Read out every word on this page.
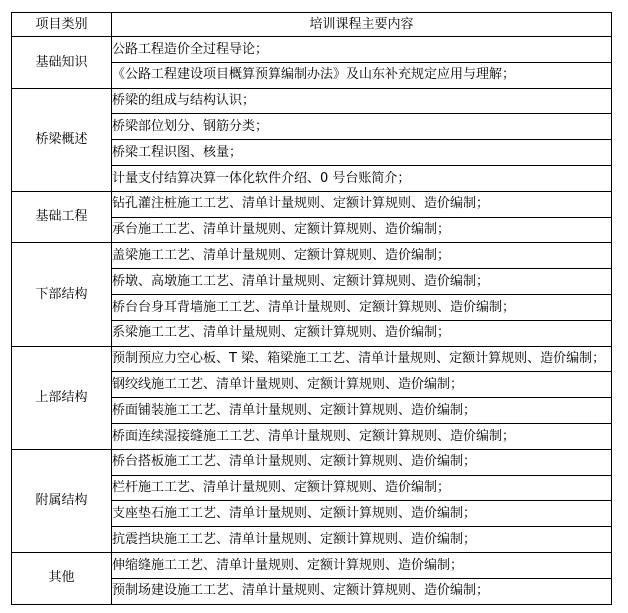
项目类别	培训课程主要内容
基础知识	公路工程造价全过程导论；
	《公路工程建设项目概算预算编制办法》及山东补充规定应用与理解；
桥梁概述	桥梁的组成与结构认识；
	桥梁部位划分、钢筋分类；
	桥梁工程识图、核量；
	计量支付结算决算一体化软件介绍、0 号台账简介；
基础工程	钻孔灌注桩施工工艺、清单计量规则、定额计算规则、造价编制；
	承台施工工艺、清单计量规则、定额计算规则、造价编制；
下部结构	盖梁施工工艺、清单计量规则、定额计算规则、造价编制；
	桥墩、高墩施工工艺、清单计量规则、定额计算规则、造价编制；
	桥台台身耳背墙施工工艺、清单计量规则、定额计算规则、造价编制；
	系梁施工工艺、清单计量规则、定额计算规则、造价编制；
上部结构	预制预应力空心板、T 梁、箱梁施工工艺、清单计量规则、定额计算规则、造价编制；
	钢绞线施工工艺、清单计量规则、定额计算规则、造价编制；
	桥面铺装施工工艺、清单计量规则、定额计算规则、造价编制；
	桥面连续湿接缝施工工艺、清单计量规则、定额计算规则、造价编制；
附属结构	桥台搭板施工工艺、清单计量规则、定额计算规则、造价编制；
	栏杆施工工艺、清单计量规则、定额计算规则、造价编制；
	支座垫石施工工艺、清单计量规则、定额计算规则、造价编制；
	抗震挡块施工工艺、清单计量规则、定额计算规则、造价编制；
其他	伸缩缝施工工艺、清单计量规则、定额计算规则、造价编制；
	预制场建设施工工艺、清单计量规则、定额计算规则、造价编制；
